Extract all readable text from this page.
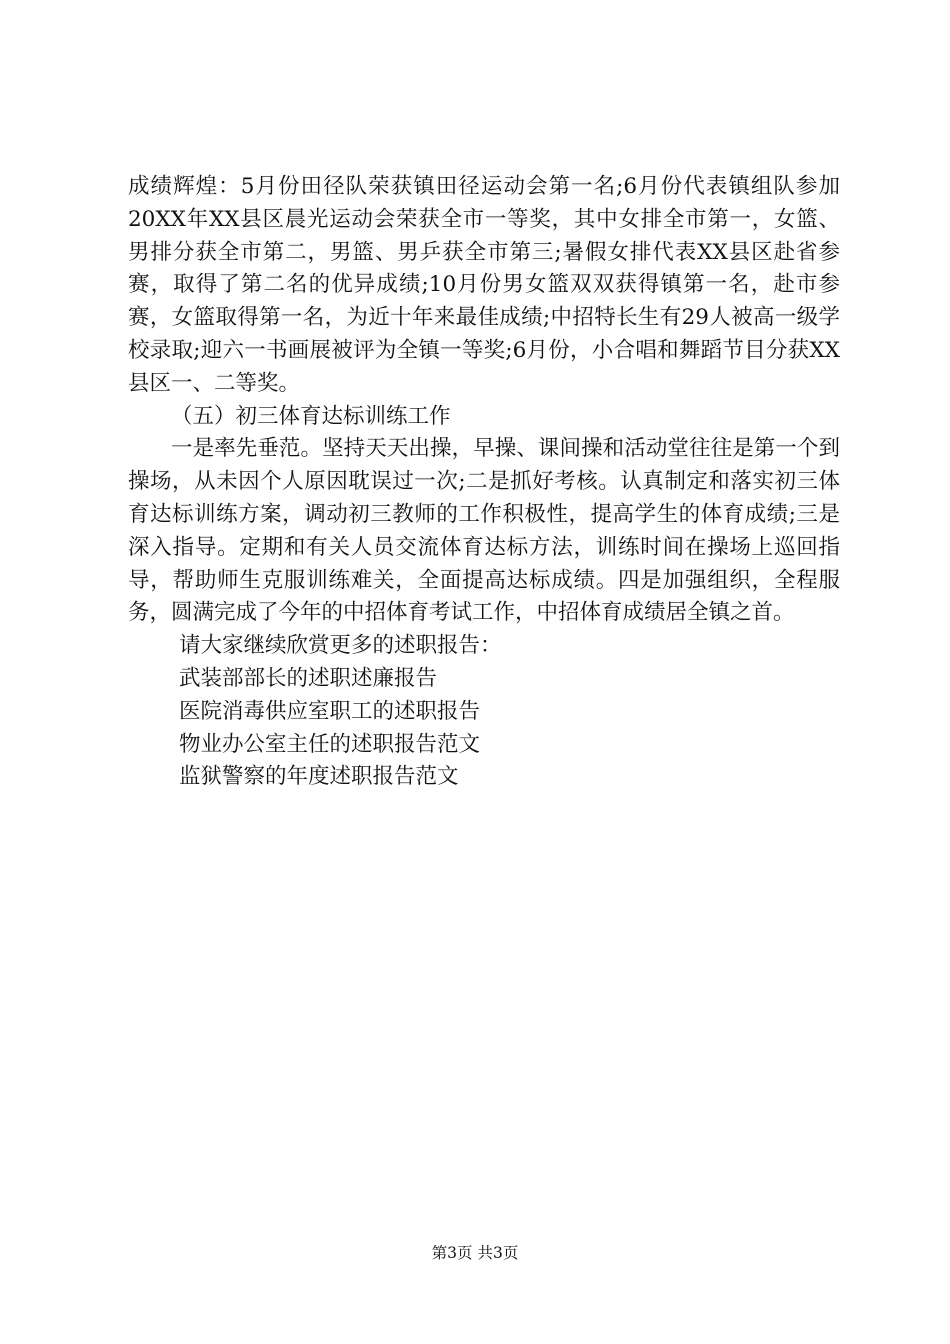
成绩辉煌：5月份田径队荣获镇田径运动会第一名;6月份代表镇组队参加20XX年XX县区晨光运动会荣获全市一等奖，其中女排全市第一，女篮、男排分获全市第二，男篮、男乒获全市第三;暑假女排代表XX县区赴省参赛，取得了第二名的优异成绩;10月份男女篮双双获得镇第一名，赴市参赛，女篮取得第一名，为近十年来最佳成绩;中招特长生有29人被高一级学校录取;迎六一书画展被评为全镇一等奖;6月份，小合唱和舞蹈节目分获XX县区一、二等奖。

（五）初三体育达标训练工作

一是率先垂范。坚持天天出操，早操、课间操和活动堂往往是第一个到操场，从未因个人原因耽误过一次;二是抓好考核。认真制定和落实初三体育达标训练方案，调动初三教师的工作积极性，提高学生的体育成绩;三是深入指导。定期和有关人员交流体育达标方法，训练时间在操场上巡回指导，帮助师生克服训练难关，全面提高达标成绩。四是加强组织，全程服务，圆满完成了今年的中招体育考试工作，中招体育成绩居全镇之首。

请大家继续欣赏更多的述职报告：

武装部部长的述职述廉报告

医院消毒供应室职工的述职报告

物业办公室主任的述职报告范文

监狱警察的年度述职报告范文

第3页 共3页
